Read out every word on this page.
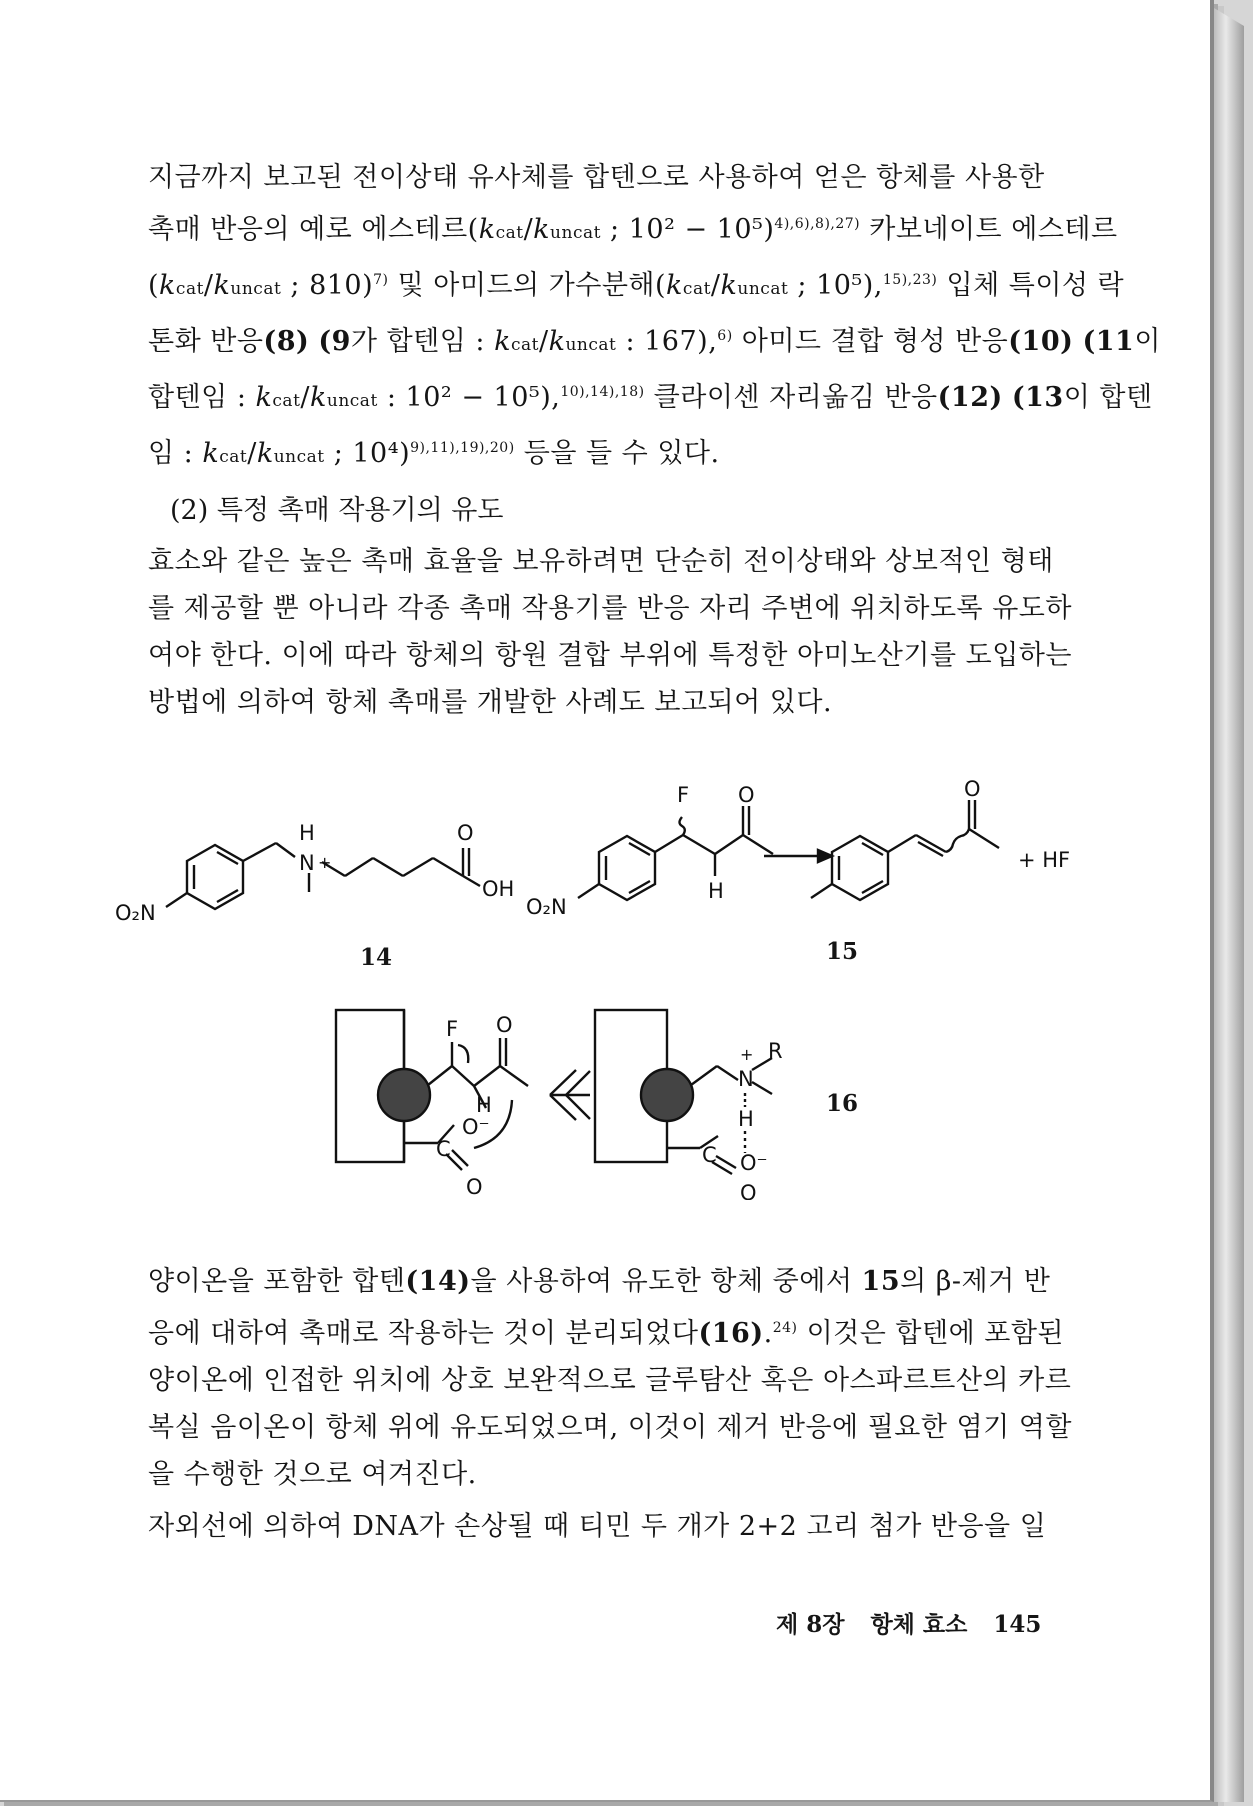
지금까지 보고된 전이상태 유사체를 합텐으로 사용하여 얻은 항체를 사용한
촉매 반응의 예로 에스테르(kcat/kuncat ; 10² − 10⁵)$^{4),6),8),27)}$ 카보네이트 에스테르
(kcat/kuncat ; 810)$^{7)}$ 및 아미드의 가수분해(kcat/kuncat ; 10⁵),$^{15),23)}$ 입체 특이성 락
톤화 반응(8) (9가 합텐임 : kcat/kuncat : 167),$^{6)}$ 아미드 결합 형성 반응(10) (11이
합텐임 : kcat/kuncat : 10² − 10⁵),$^{10),14),18)}$ 클라이센 자리옮김 반응(12) (13이 합텐
임 : kcat/kuncat ; 10⁴)$^{9),11),19),20)}$ 등을 들 수 있다.

(2) 특정 촉매 작용기의 유도

효소와 같은 높은 촉매 효율을 보유하려면 단순히 전이상태와 상보적인 형태
를 제공할 뿐 아니라 각종 촉매 작용기를 반응 자리 주변에 위치하도록 유도하
여야 한다. 이에 따라 항체의 항원 결합 부위에 특정한 아미노산기를 도입하는
방법에 의하여 항체 촉매를 개발한 사례도 보고되어 있다.
O₂N
H
N +
O
OH
O₂N
F O
H
O
+ HF
F O
H
O⁻
C
O
+
N
R
H
O⁻
C
O
14	15
16
양이온을 포함한 합텐(14)을 사용하여 유도한 항체 중에서 15의 β-제거 반
응에 대하여 촉매로 작용하는 것이 분리되었다(16).$^{24)}$ 이것은 합텐에 포함된
양이온에 인접한 위치에 상호 보완적으로 글루탐산 혹은 아스파르트산의 카르
복실 음이온이 항체 위에 유도되었으며, 이것이 제거 반응에 필요한 염기 역할
을 수행한 것으로 여겨진다.
자외선에 의하여 DNA가 손상될 때 티민 두 개가 2+2 고리 첨가 반응을 일
제 8장 항체 효소 145
